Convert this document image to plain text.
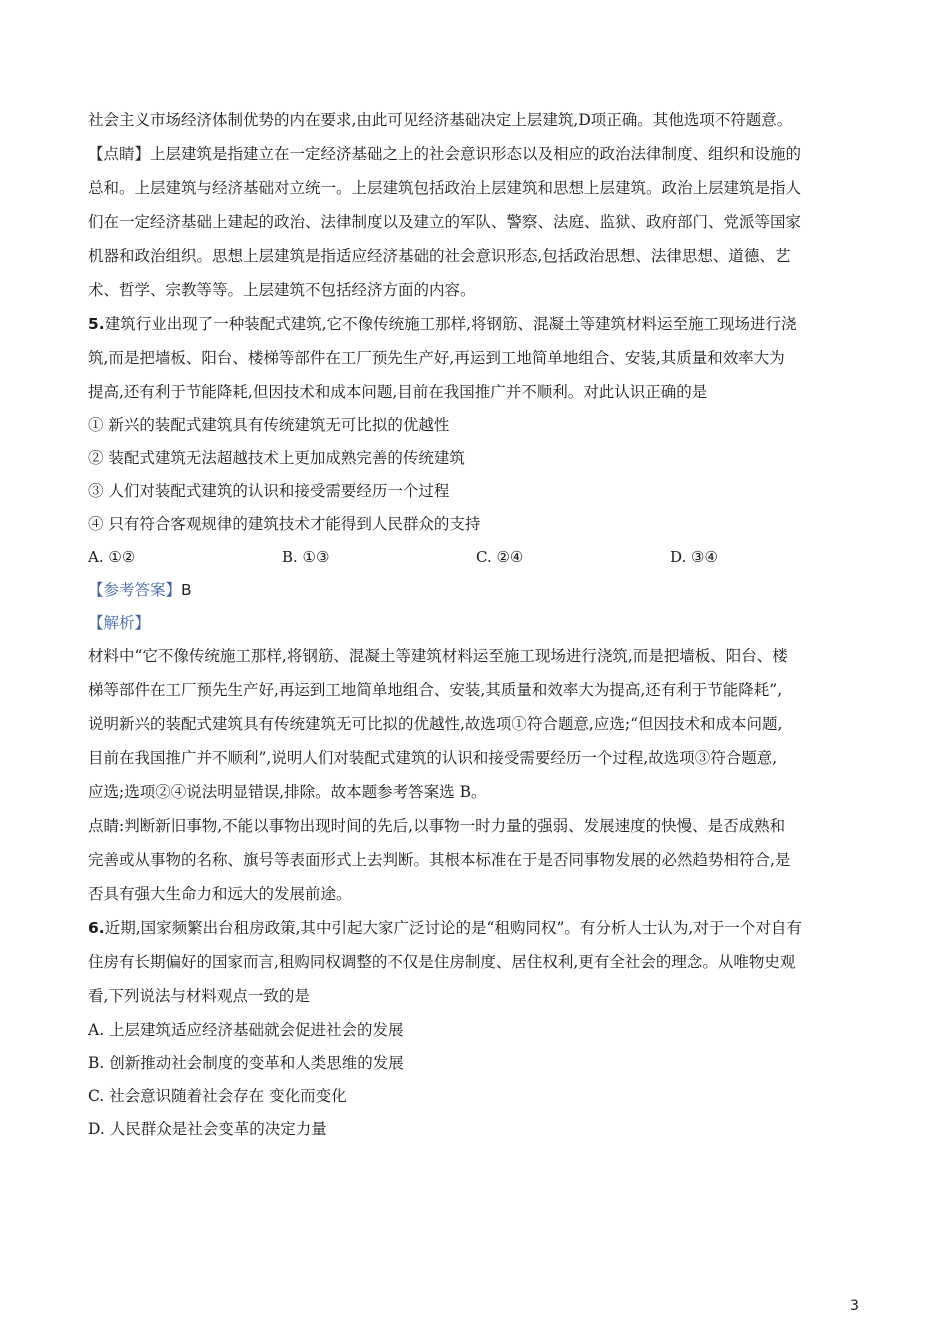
社会主义市场经济体制优势的内在要求,由此可见经济基础决定上层建筑,D项正确。其他选项不符题意。

【点睛】上层建筑是指建立在一定经济基础之上的社会意识形态以及相应的政治法律制度、组织和设施的

总和。上层建筑与经济基础对立统一。上层建筑包括政治上层建筑和思想上层建筑。政治上层建筑是指人

们在一定经济基础上建起的政治、法律制度以及建立的军队、警察、法庭、监狱、政府部门、党派等国家

机器和政治组织。思想上层建筑是指适应经济基础的社会意识形态,包括政治思想、法律思想、道德、艺

术、哲学、宗教等等。上层建筑不包括经济方面的内容。

5.建筑行业出现了一种装配式建筑,它不像传统施工那样,将钢筋、混凝土等建筑材料运至施工现场进行浇

筑,而是把墙板、阳台、楼梯等部件在工厂预先生产好,再运到工地简单地组合、安装,其质量和效率大为

提高,还有利于节能降耗,但因技术和成本问题,目前在我国推广并不顺利。对此认识正确的是

① 新兴的装配式建筑具有传统建筑无可比拟的优越性

② 装配式建筑无法超越技术上更加成熟完善的传统建筑

③ 人们对装配式建筑的认识和接受需要经历一个过程

④ 只有符合客观规律的建筑技术才能得到人民群众的支持

A. ①②	B. ①③	C. ②④	D. ③④

【参考答案】B

【解析】

材料中“它不像传统施工那样,将钢筋、混凝土等建筑材料运至施工现场进行浇筑,而是把墙板、阳台、楼

梯等部件在工厂预先生产好,再运到工地简单地组合、安装,其质量和效率大为提高,还有利于节能降耗”,

说明新兴的装配式建筑具有传统建筑无可比拟的优越性,故选项①符合题意,应选;“但因技术和成本问题,

目前在我国推广并不顺利”,说明人们对装配式建筑的认识和接受需要经历一个过程,故选项③符合题意,

应选;选项②④说法明显错误,排除。故本题参考答案选 B。

点睛:判断新旧事物,不能以事物出现时间的先后,以事物一时力量的强弱、发展速度的快慢、是否成熟和

完善或从事物的名称、旗号等表面形式上去判断。其根本标准在于是否同事物发展的必然趋势相符合,是

否具有强大生命力和远大的发展前途。

6.近期,国家频繁出台租房政策,其中引起大家广泛讨论的是“租购同权”。有分析人士认为,对于一个对自有

住房有长期偏好的国家而言,租购同权调整的不仅是住房制度、居住权利,更有全社会的理念。从唯物史观

看,下列说法与材料观点一致的是

A. 上层建筑适应经济基础就会促进社会的发展

B. 创新推动社会制度的变革和人类思维的发展

C. 社会意识随着社会存在 变化而变化

D. 人民群众是社会变革的决定力量

3
